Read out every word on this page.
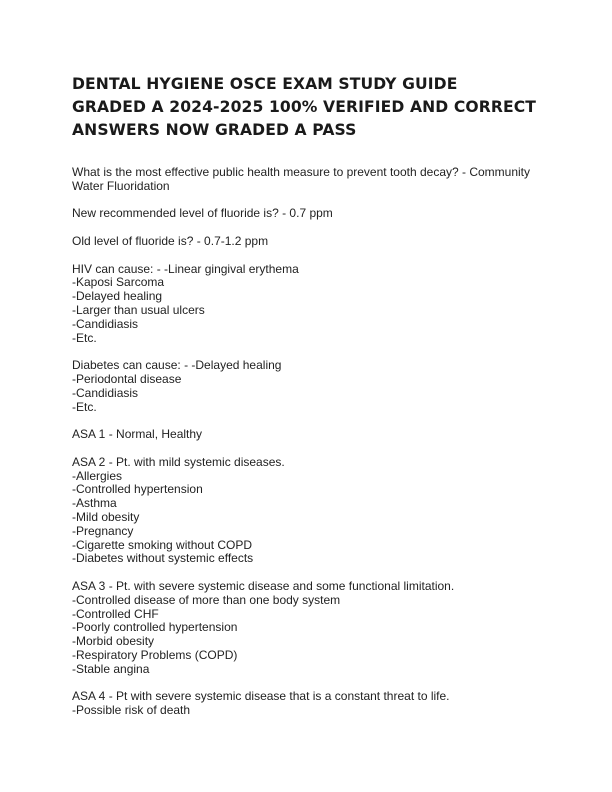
DENTAL HYGIENE OSCE EXAM STUDY GUIDE
GRADED A 2024-2025 100% VERIFIED AND CORRECT
ANSWERS NOW GRADED A PASS
What is the most effective public health measure to prevent tooth decay? - Community
Water Fluoridation
New recommended level of fluoride is? - 0.7 ppm
Old level of fluoride is? - 0.7-1.2 ppm
HIV can cause: - -Linear gingival erythema
-Kaposi Sarcoma
-Delayed healing
-Larger than usual ulcers
-Candidiasis
-Etc.
Diabetes can cause: - -Delayed healing
-Periodontal disease
-Candidiasis
-Etc.
ASA 1 - Normal, Healthy
ASA 2 - Pt. with mild systemic diseases.
-Allergies
-Controlled hypertension
-Asthma
-Mild obesity
-Pregnancy
-Cigarette smoking without COPD
-Diabetes without systemic effects
ASA 3 - Pt. with severe systemic disease and some functional limitation.
-Controlled disease of more than one body system
-Controlled CHF
-Poorly controlled hypertension
-Morbid obesity
-Respiratory Problems (COPD)
-Stable angina
ASA 4 - Pt with severe systemic disease that is a constant threat to life.
-Possible risk of death
